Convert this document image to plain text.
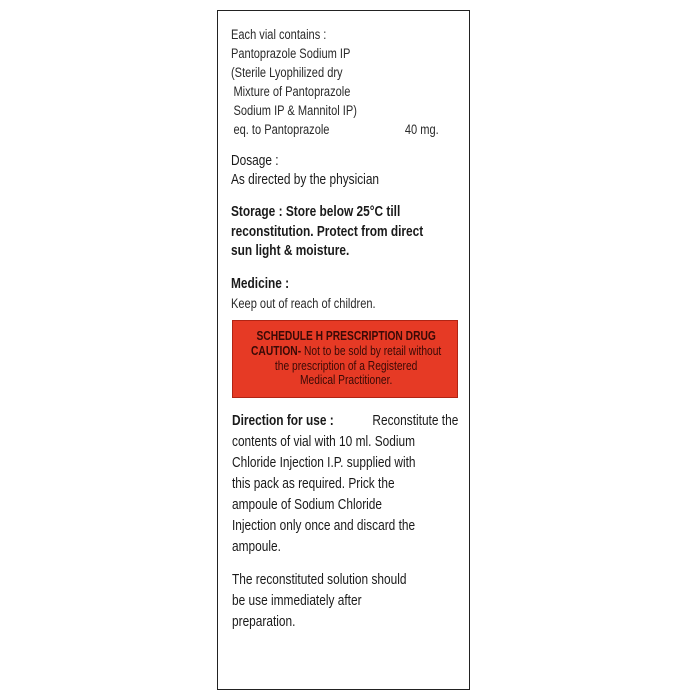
Each vial contains :
Pantoprazole Sodium IP
(Sterile Lyophilized dry
Mixture of Pantoprazole
Sodium IP & Mannitol IP)
eq. to Pantoprazole	40 mg.
Dosage :
As directed by the physician
Storage : Store below 25°C till
reconstitution. Protect from direct
sun light & moisture.
Medicine :
Keep out of reach of children.
SCHEDULE H PRESCRIPTION DRUG
CAUTION- Not to be sold by retail without
the prescription of a Registered
Medical Practitioner.
Direction for use :	Reconstitute the
contents of vial with 10 ml. Sodium
Chloride Injection I.P. supplied with
this pack as required. Prick the
ampoule of Sodium Chloride
Injection only once and discard the
ampoule.
The reconstituted solution should
be use immediately after
preparation.
